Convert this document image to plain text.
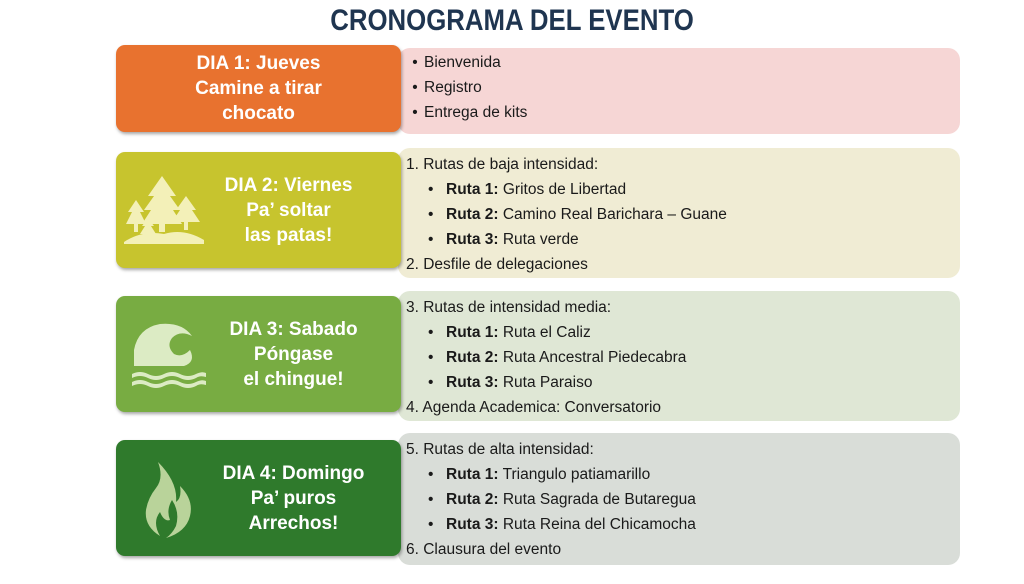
CRONOGRAMA DEL EVENTO
• Bienvenida
• Registro
• Entrega de kits
DIA 1: Jueves
Camine a tirar
chocato
1. Rutas de baja intensidad:
• Ruta 1: Gritos de Libertad
• Ruta 2: Camino Real Barichara – Guane
• Ruta 3: Ruta verde
2. Desfile de delegaciones
DIA 2: Viernes
Pa’ soltar
las patas!
3. Rutas de intensidad media:
• Ruta 1: Ruta el Caliz
• Ruta 2: Ruta Ancestral Piedecabra
• Ruta 3: Ruta Paraiso
4. Agenda Academica: Conversatorio
DIA 3: Sabado
Póngase
el chingue!
5. Rutas de alta intensidad:
• Ruta 1: Triangulo patiamarillo
• Ruta 2: Ruta Sagrada de Butaregua
• Ruta 3: Ruta Reina del Chicamocha
6. Clausura del evento
DIA 4: Domingo
Pa’ puros
Arrechos!
